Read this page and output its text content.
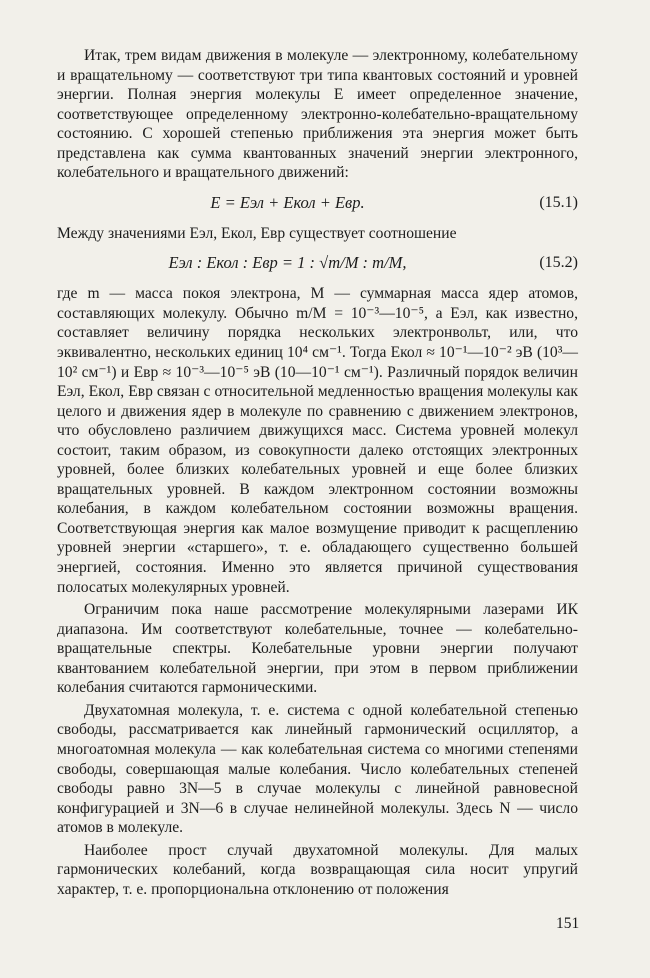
Итак, трем видам движения в молекуле — электронному, колебательному и вращательному — соответствуют три типа квантовых состояний и уровней энергии. Полная энергия молекулы E имеет определенное значение, соответствующее определенному электронно-колебательно-вращательному состоянию. С хорошей степенью приближения эта энергия может быть представлена как сумма квантованных значений энергии электронного, колебательного и вращательного движений:

E = Eэл + Eкол + Eвр.	(15.1)

Между значениями Eэл, Eкол, Eвр существует соотношение

Eэл : Eкол : Eвр = 1 : √m/M : m/M,	(15.2)

где m — масса покоя электрона, M — суммарная масса ядер атомов, составляющих молекулу. Обычно m/M = 10⁻³—10⁻⁵, а Eэл, как известно, составляет величину порядка нескольких электронвольт, или, что эквивалентно, нескольких единиц 10⁴ см⁻¹. Тогда Eкол ≈ 10⁻¹—10⁻² эВ (10³—10² см⁻¹) и Eвр ≈ 10⁻³—10⁻⁵ эВ (10—10⁻¹ см⁻¹). Различный порядок величин Eэл, Eкол, Eвр связан с относительной медленностью вращения молекулы как целого и движения ядер в молекуле по сравнению с движением электронов, что обусловлено различием движущихся масс. Система уровней молекул состоит, таким образом, из совокупности далеко отстоящих электронных уровней, более близких колебательных уровней и еще более близких вращательных уровней. В каждом электронном состоянии возможны колебания, в каждом колебательном состоянии возможны вращения. Соответствующая энергия как малое возмущение приводит к расщеплению уровней энергии «старшего», т. е. обладающего существенно большей энергией, состояния. Именно это является причиной существования полосатых молекулярных уровней.

Ограничим пока наше рассмотрение молекулярными лазерами ИК диапазона. Им соответствуют колебательные, точнее — колебательно-вращательные спектры. Колебательные уровни энергии получают квантованием колебательной энергии, при этом в первом приближении колебания считаются гармоническими.

Двухатомная молекула, т. е. система с одной колебательной степенью свободы, рассматривается как линейный гармонический осциллятор, а многоатомная молекула — как колебательная система со многими степенями свободы, совершающая малые колебания. Число колебательных степеней свободы равно 3N—5 в случае молекулы с линейной равновесной конфигурацией и 3N—6 в случае нелинейной молекулы. Здесь N — число атомов в молекуле.

Наиболее прост случай двухатомной молекулы. Для малых гармонических колебаний, когда возвращающая сила носит упругий характер, т. е. пропорциональна отклонению от положения

151
